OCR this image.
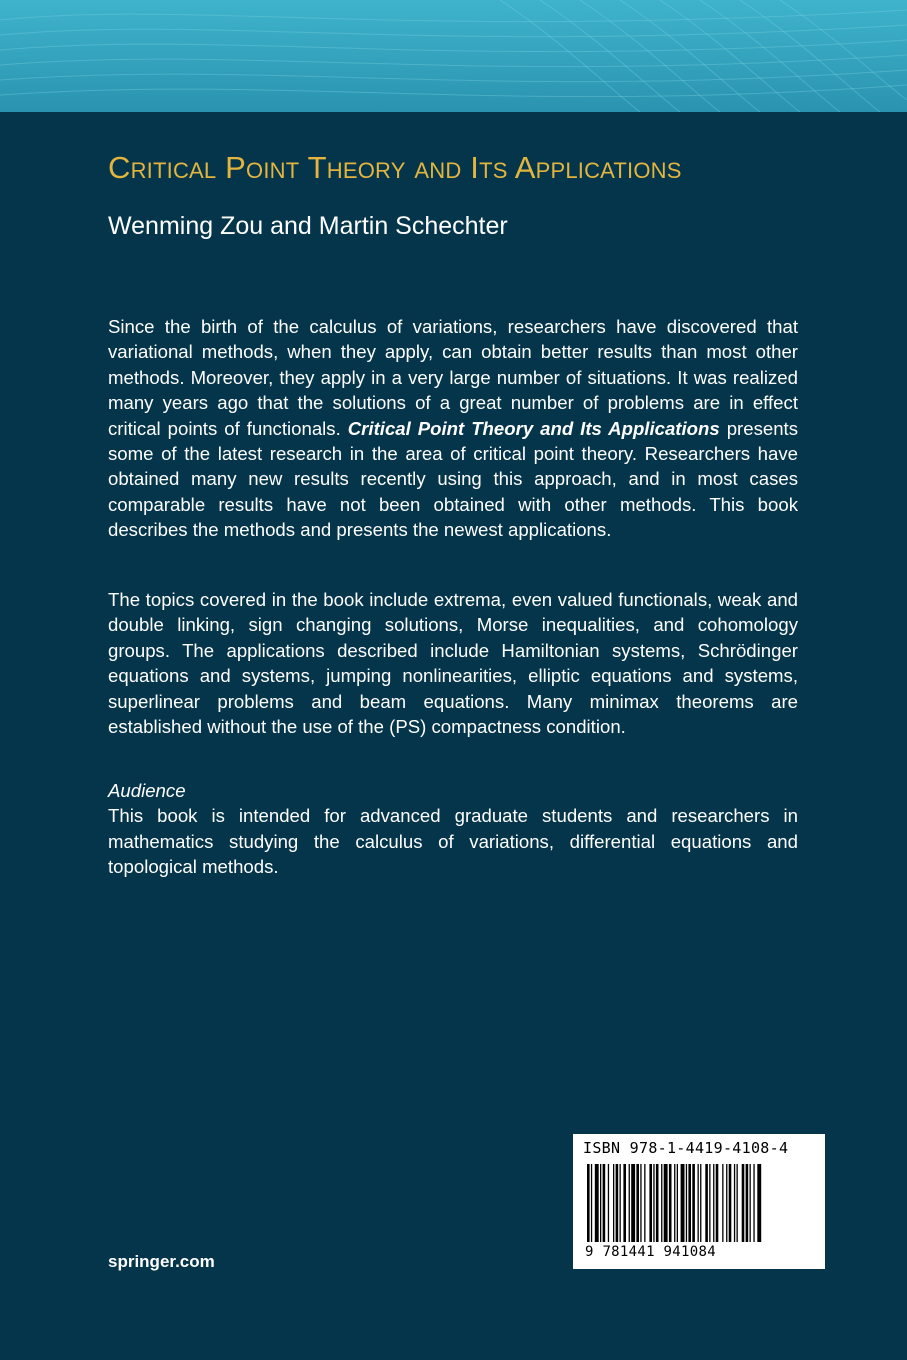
Critical Point Theory and Its Applications
Wenming Zou and Martin Schechter

Since the birth of the calculus of variations, researchers have discovered that variational methods, when they apply, can obtain better results than most other methods. Moreover, they apply in a very large number of situations. It was realized many years ago that the solutions of a great number of problems are in effect critical points of functionals. Critical Point Theory and Its Applications presents some of the latest research in the area of critical point theory. Researchers have obtained many new results recently using this approach, and in most cases comparable results have not been obtained with other methods. This book describes the methods and presents the newest applications.

The topics covered in the book include extrema, even valued functionals, weak and double linking, sign changing solutions, Morse inequalities, and cohomology groups. The applications described include Hamiltonian systems, Schrödinger equations and systems, jumping nonlinearities, elliptic equations and systems, superlinear problems and beam equations. Many minimax theorems are established without the use of the (PS) compactness condition.

Audience

This book is intended for advanced graduate students and researchers in mathematics studying the calculus of variations, differential equations and topological methods.

ISBN 978-1-4419-4108-4
9 781441 941084
springer.com
